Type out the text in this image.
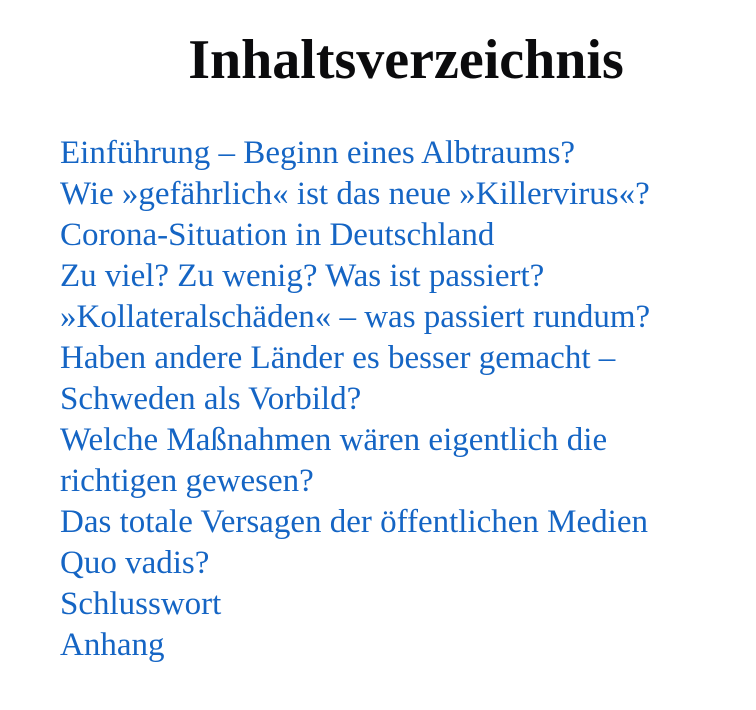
Inhaltsverzeichnis
Einführung – Beginn eines Albtraums?
Wie »gefährlich« ist das neue »Killervirus«?
Corona-Situation in Deutschland
Zu viel? Zu wenig? Was ist passiert?
»Kollateralschäden« – was passiert rundum?
Haben andere Länder es besser gemacht –
Schweden als Vorbild?
Welche Maßnahmen wären eigentlich die
richtigen gewesen?
Das totale Versagen der öffentlichen Medien
Quo vadis?
Schlusswort
Anhang
